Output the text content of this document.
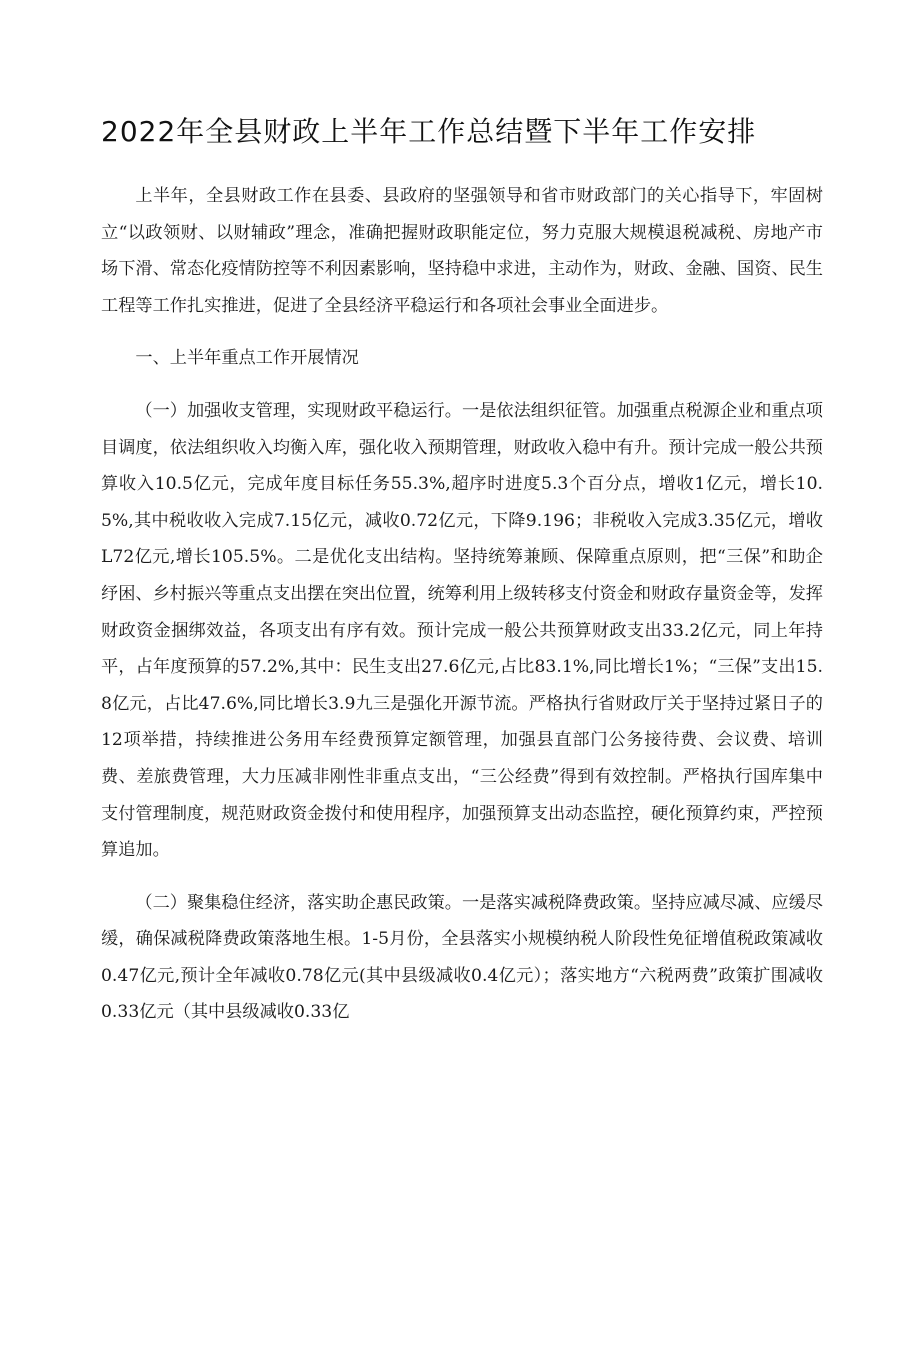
2022年全县财政上半年工作总结暨下半年工作安排

上半年，全县财政工作在县委、县政府的坚强领导和省市财政部门的关心指导下，牢固树立“以政领财、以财辅政”理念，准确把握财政职能定位，努力克服大规模退税减税、房地产市场下滑、常态化疫情防控等不利因素影响，坚持稳中求进，主动作为，财政、金融、国资、民生工程等工作扎实推进，促进了全县经济平稳运行和各项社会事业全面进步。

一、上半年重点工作开展情况

（一）加强收支管理，实现财政平稳运行。一是依法组织征管。加强重点税源企业和重点项目调度，依法组织收入均衡入库，强化收入预期管理，财政收入稳中有升。预计完成一般公共预算收入10.5亿元，完成年度目标任务55.3%,超序时进度5.3个百分点，增收1亿元，增长10.5%,其中税收收入完成7.15亿元，减收0.72亿元，下降9.196；非税收入完成3.35亿元，增收L72亿元,增长105.5%。二是优化支出结构。坚持统筹兼顾、保障重点原则，把“三保”和助企纾困、乡村振兴等重点支出摆在突出位置，统筹利用上级转移支付资金和财政存量资金等，发挥财政资金捆绑效益，各项支出有序有效。预计完成一般公共预算财政支出33.2亿元，同上年持平，占年度预算的57.2%,其中：民生支出27.6亿元,占比83.1%,同比增长1%；“三保”支出15.8亿元，占比47.6%,同比增长3.9九三是强化开源节流。严格执行省财政厅关于坚持过紧日子的12项举措，持续推进公务用车经费预算定额管理，加强县直部门公务接待费、会议费、培训费、差旅费管理，大力压减非刚性非重点支出，“三公经费”得到有效控制。严格执行国库集中支付管理制度，规范财政资金拨付和使用程序，加强预算支出动态监控，硬化预算约束，严控预算追加。

（二）聚集稳住经济，落实助企惠民政策。一是落实减税降费政策。坚持应减尽减、应缓尽缓，确保减税降费政策落地生根。1-5月份，全县落实小规模纳税人阶段性免征增值税政策减收0.47亿元,预计全年减收0.78亿元(其中县级减收0.4亿元）；落实地方“六税两费”政策扩围减收0.33亿元（其中县级减收0.33亿
